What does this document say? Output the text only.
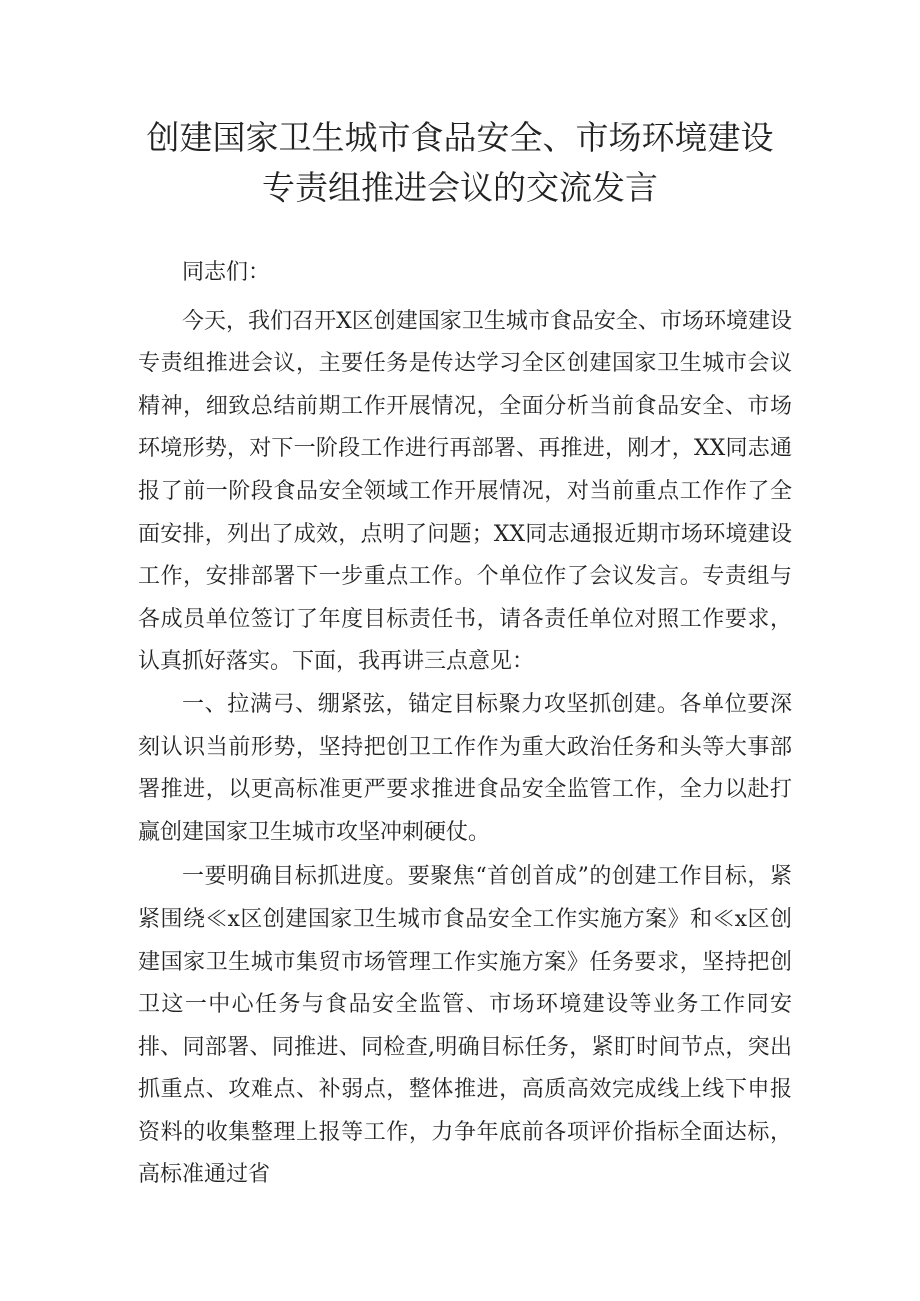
创建国家卫生城市食品安全、市场环境建设
专责组推进会议的交流发言

同志们：

今天，我们召开X区创建国家卫生城市食品安全、市场环境建设专责组推进会议，主要任务是传达学习全区创建国家卫生城市会议精神，细致总结前期工作开展情况，全面分析当前食品安全、市场环境形势，对下一阶段工作进行再部署、再推进，刚才，XX同志通报了前一阶段食品安全领域工作开展情况，对当前重点工作作了全面安排，列出了成效，点明了问题；XX同志通报近期市场环境建设工作，安排部署下一步重点工作。个单位作了会议发言。专责组与各成员单位签订了年度目标责任书，请各责任单位对照工作要求，认真抓好落实。下面，我再讲三点意见：

一、拉满弓、绷紧弦，锚定目标聚力攻坚抓创建。各单位要深刻认识当前形势，坚持把创卫工作作为重大政治任务和头等大事部署推进，以更高标准更严要求推进食品安全监管工作，全力以赴打赢创建国家卫生城市攻坚冲刺硬仗。

一要明确目标抓进度。要聚焦“首创首成”的创建工作目标，紧紧围绕≪x区创建国家卫生城市食品安全工作实施方案》和≪x区创建国家卫生城市集贸市场管理工作实施方案》任务要求，坚持把创卫这一中心任务与食品安全监管、市场环境建设等业务工作同安排、同部署、同推进、同检查,明确目标任务，紧盯时间节点，突出抓重点、攻难点、补弱点，整体推进，高质高效完成线上线下申报资料的收集整理上报等工作，力争年底前各项评价指标全面达标，高标准通过省
